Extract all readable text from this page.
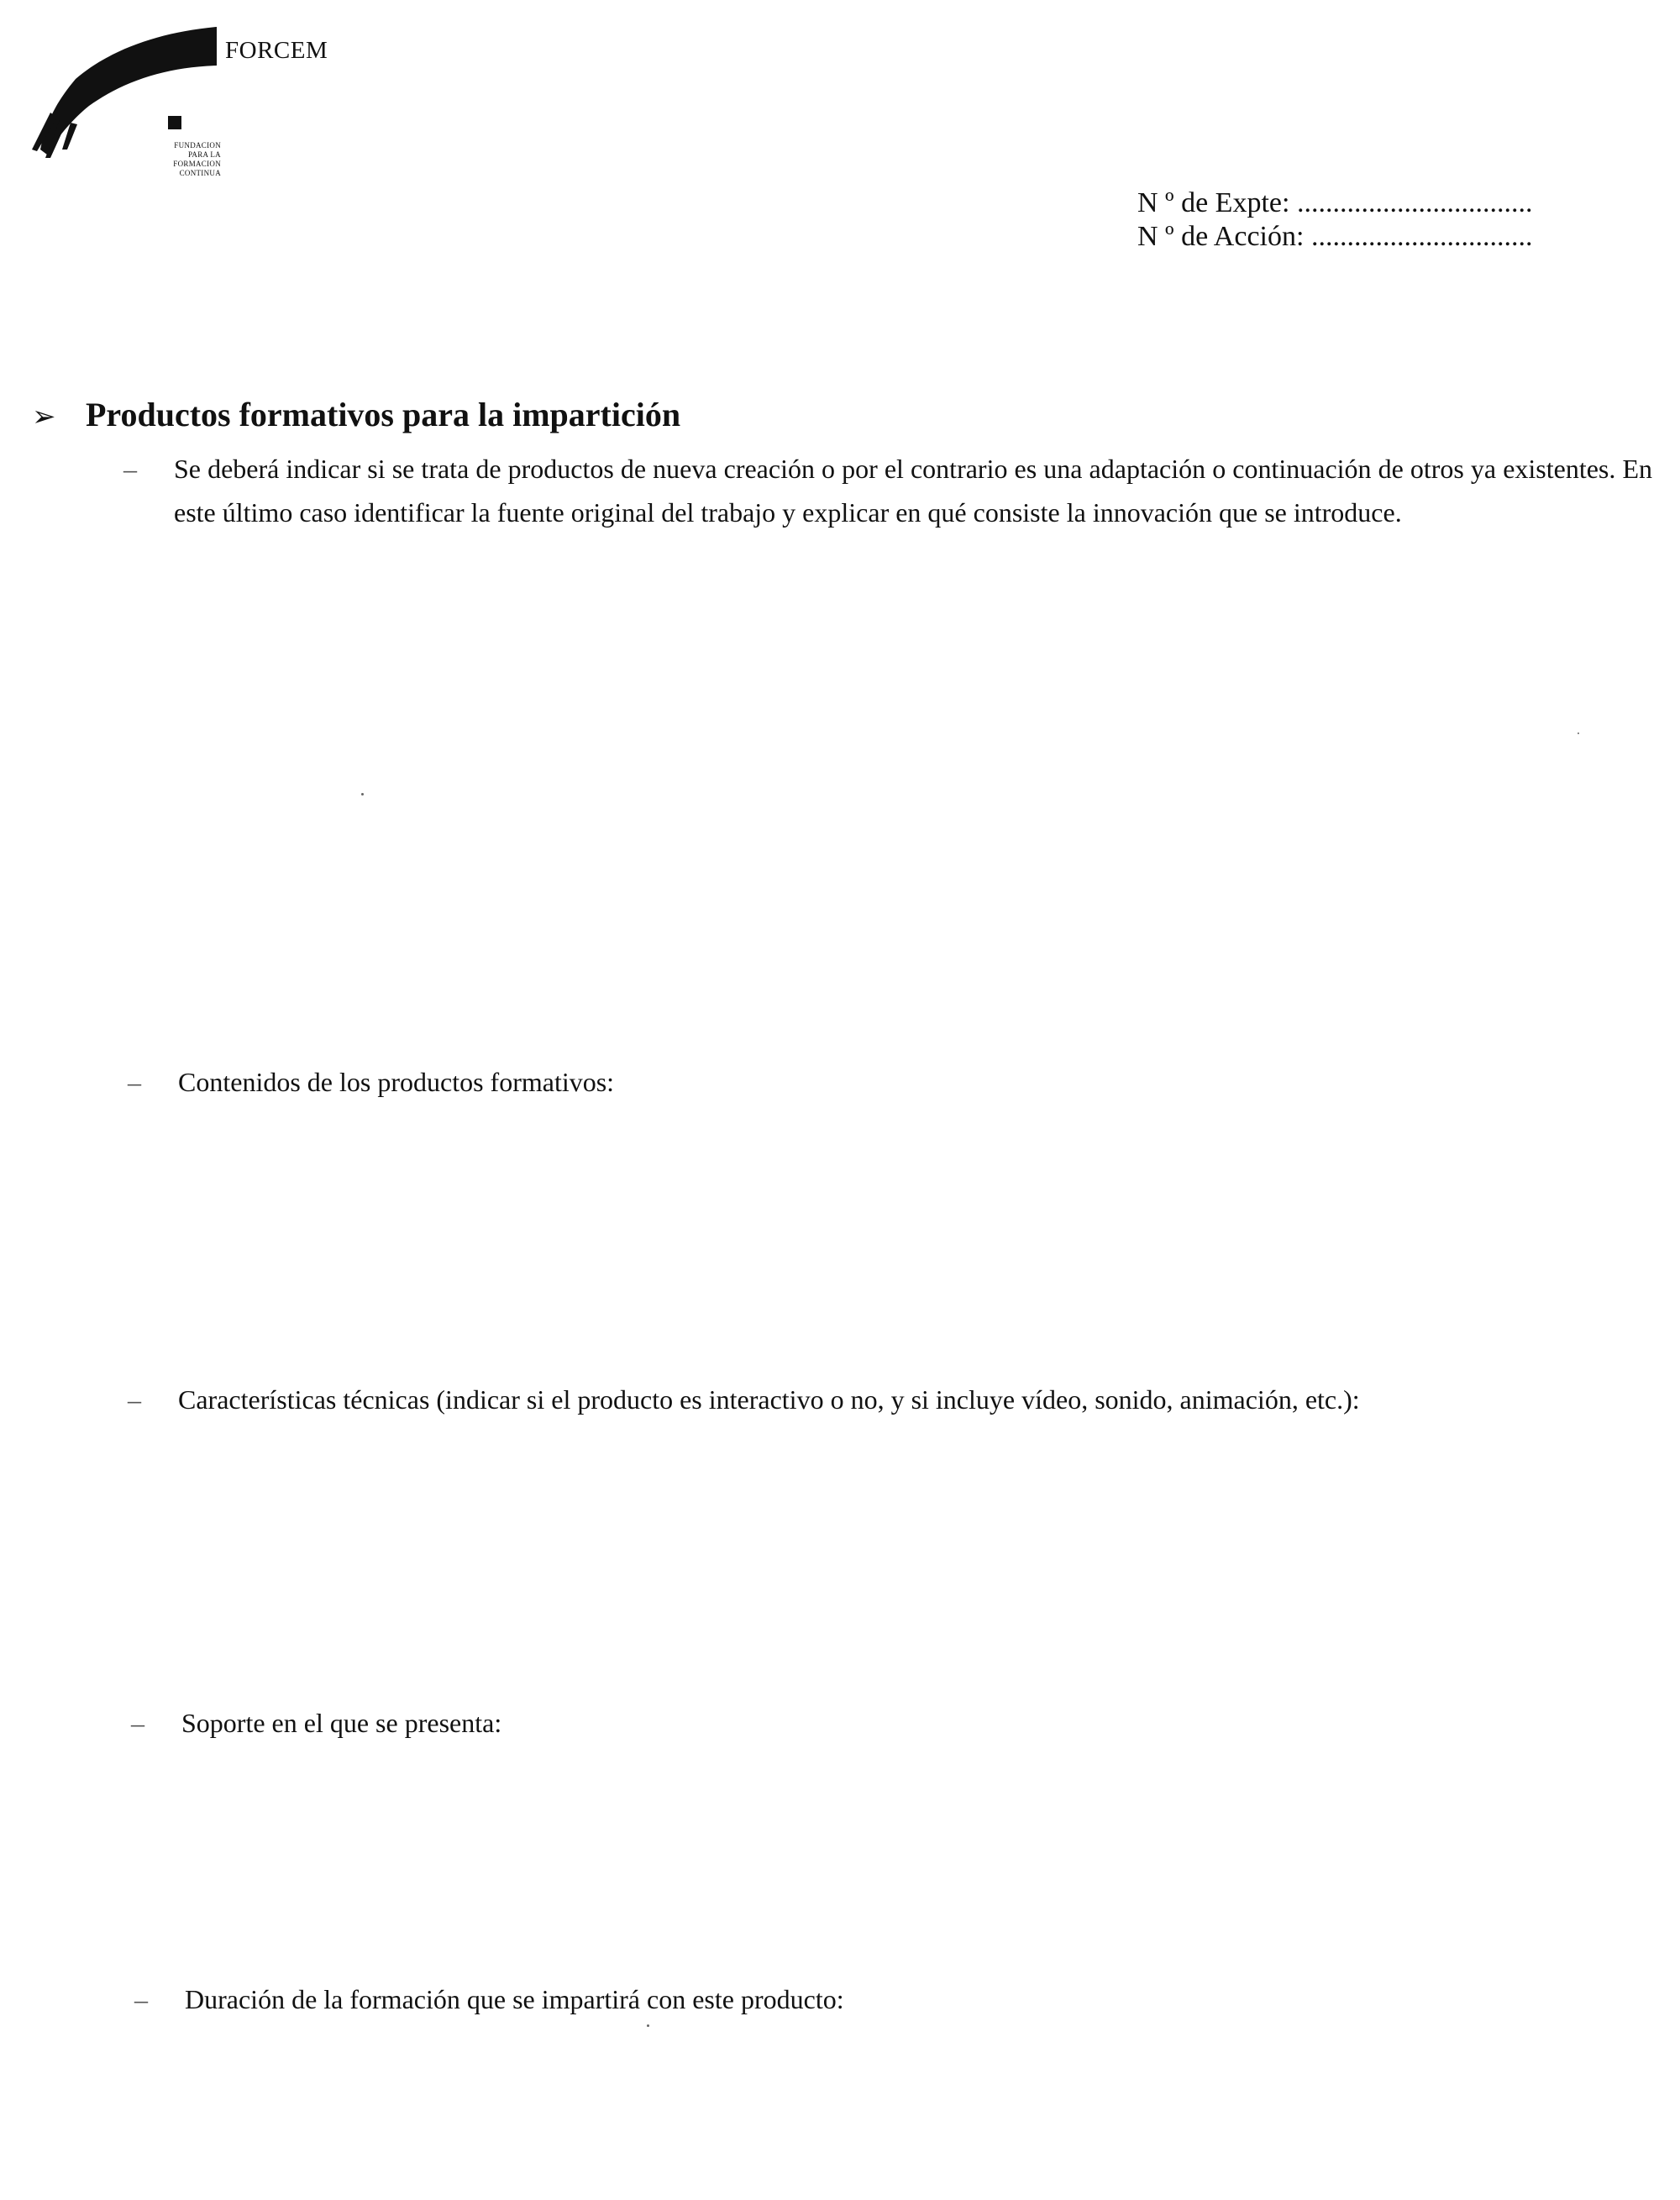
FORCEM
FUNDACION
PARA LA
FORMACION
CONTINUA
N º de Expte: .................................
N º de Acción: ...............................
➢ Productos formativos para la impartición
– Se deberá indicar si se trata de productos de nueva creación o por el contrario es una adaptación o continuación de otros ya existentes. En este último caso identificar la fuente original del trabajo y explicar en qué consiste la innovación que se introduce.
– Contenidos de los productos formativos:
– Características técnicas (indicar si el producto es interactivo o no, y si incluye vídeo, sonido, animación, etc.):
– Soporte en el que se presenta:
– Duración de la formación que se impartirá con este producto:
